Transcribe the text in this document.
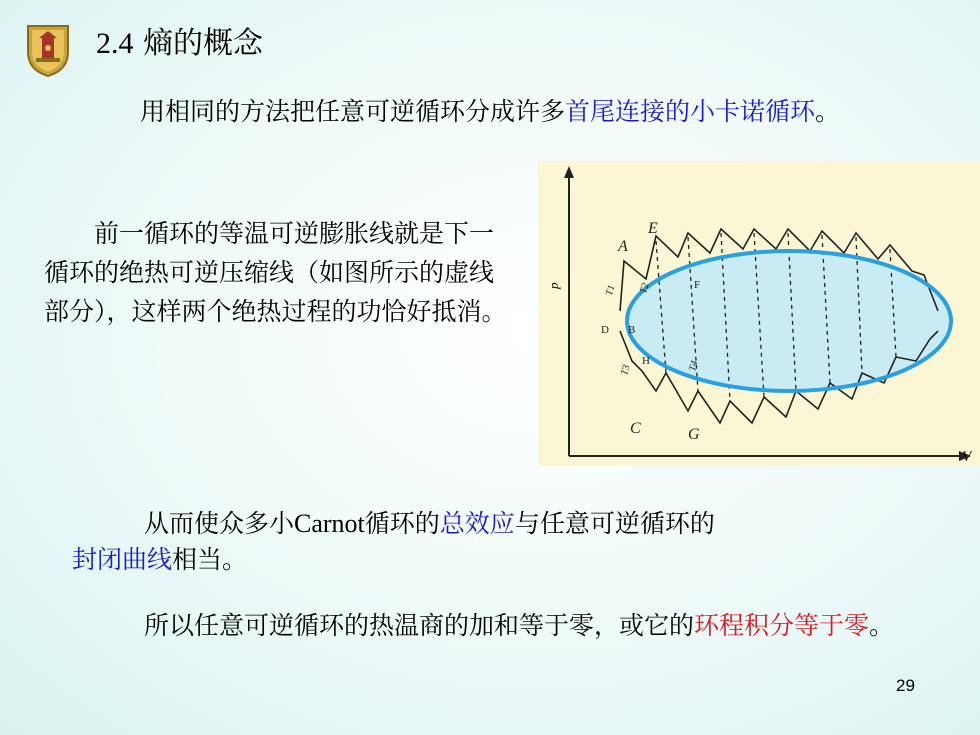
2.4 熵的概念
用相同的方法把任意可逆循环分成许多首尾连接的小卡诺循环。
前一循环的等温可逆膨胀线就是下一循环的绝热可逆压缩线（如图所示的虚线部分），这样两个绝热过程的功恰好抵消。
p
V
A
E
C	G
F
D B
H
T1 T2
T3	T4
从而使众多小Carnot循环的总效应与任意可逆循环的
封闭曲线相当。
所以任意可逆循环的热温商的加和等于零，或它的环程积分等于零。
29
